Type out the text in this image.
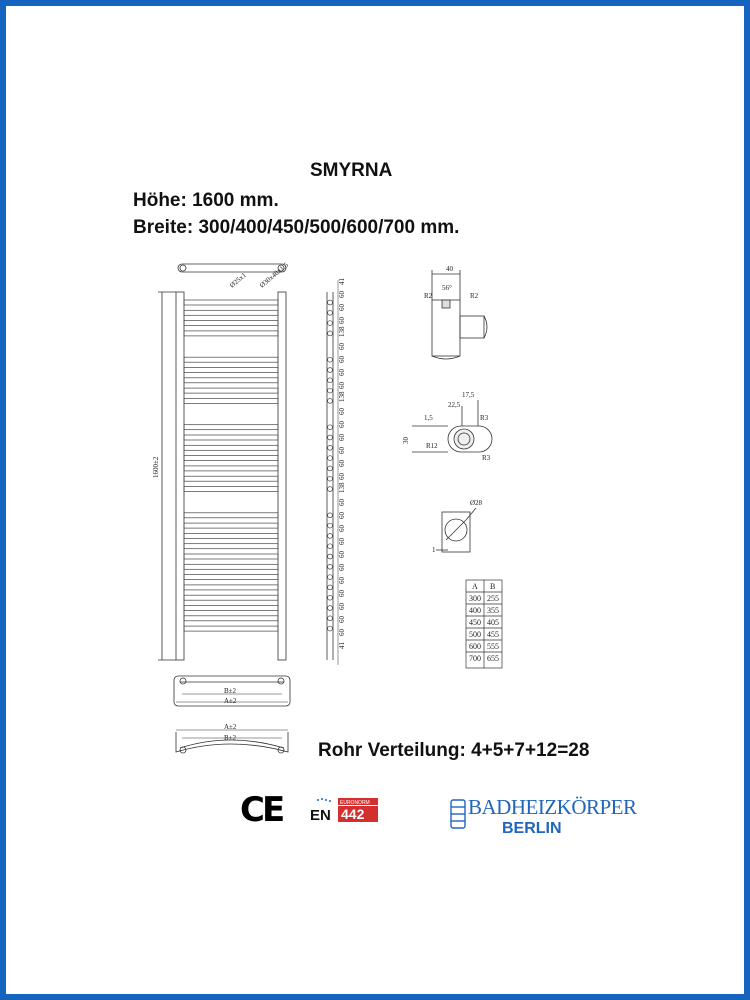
SMYRNA
Höhe: 1600 mm.
Breite: 300/400/450/500/600/700 mm.
1600±2
Ø25x1 Ø30x40x1.5
B±2
A±2
A±2
B±2
40
56°
R2	R2
17,5
22,5
1,5
30
R3
R12
R3
Ø28
1
A B
300 255
400 355
450 405
500 455
600 555
700 655
41
60
60
60
138
60
60
60
60
138
60
60
60
60
60
60
138
60
60
60
60
60
60
60
60
60
60
60
41
Rohr Verteilung: 4+5+7+12=28
CE	EURONORM
EN 442	BADHEIZKÖRPER
BERLIN
